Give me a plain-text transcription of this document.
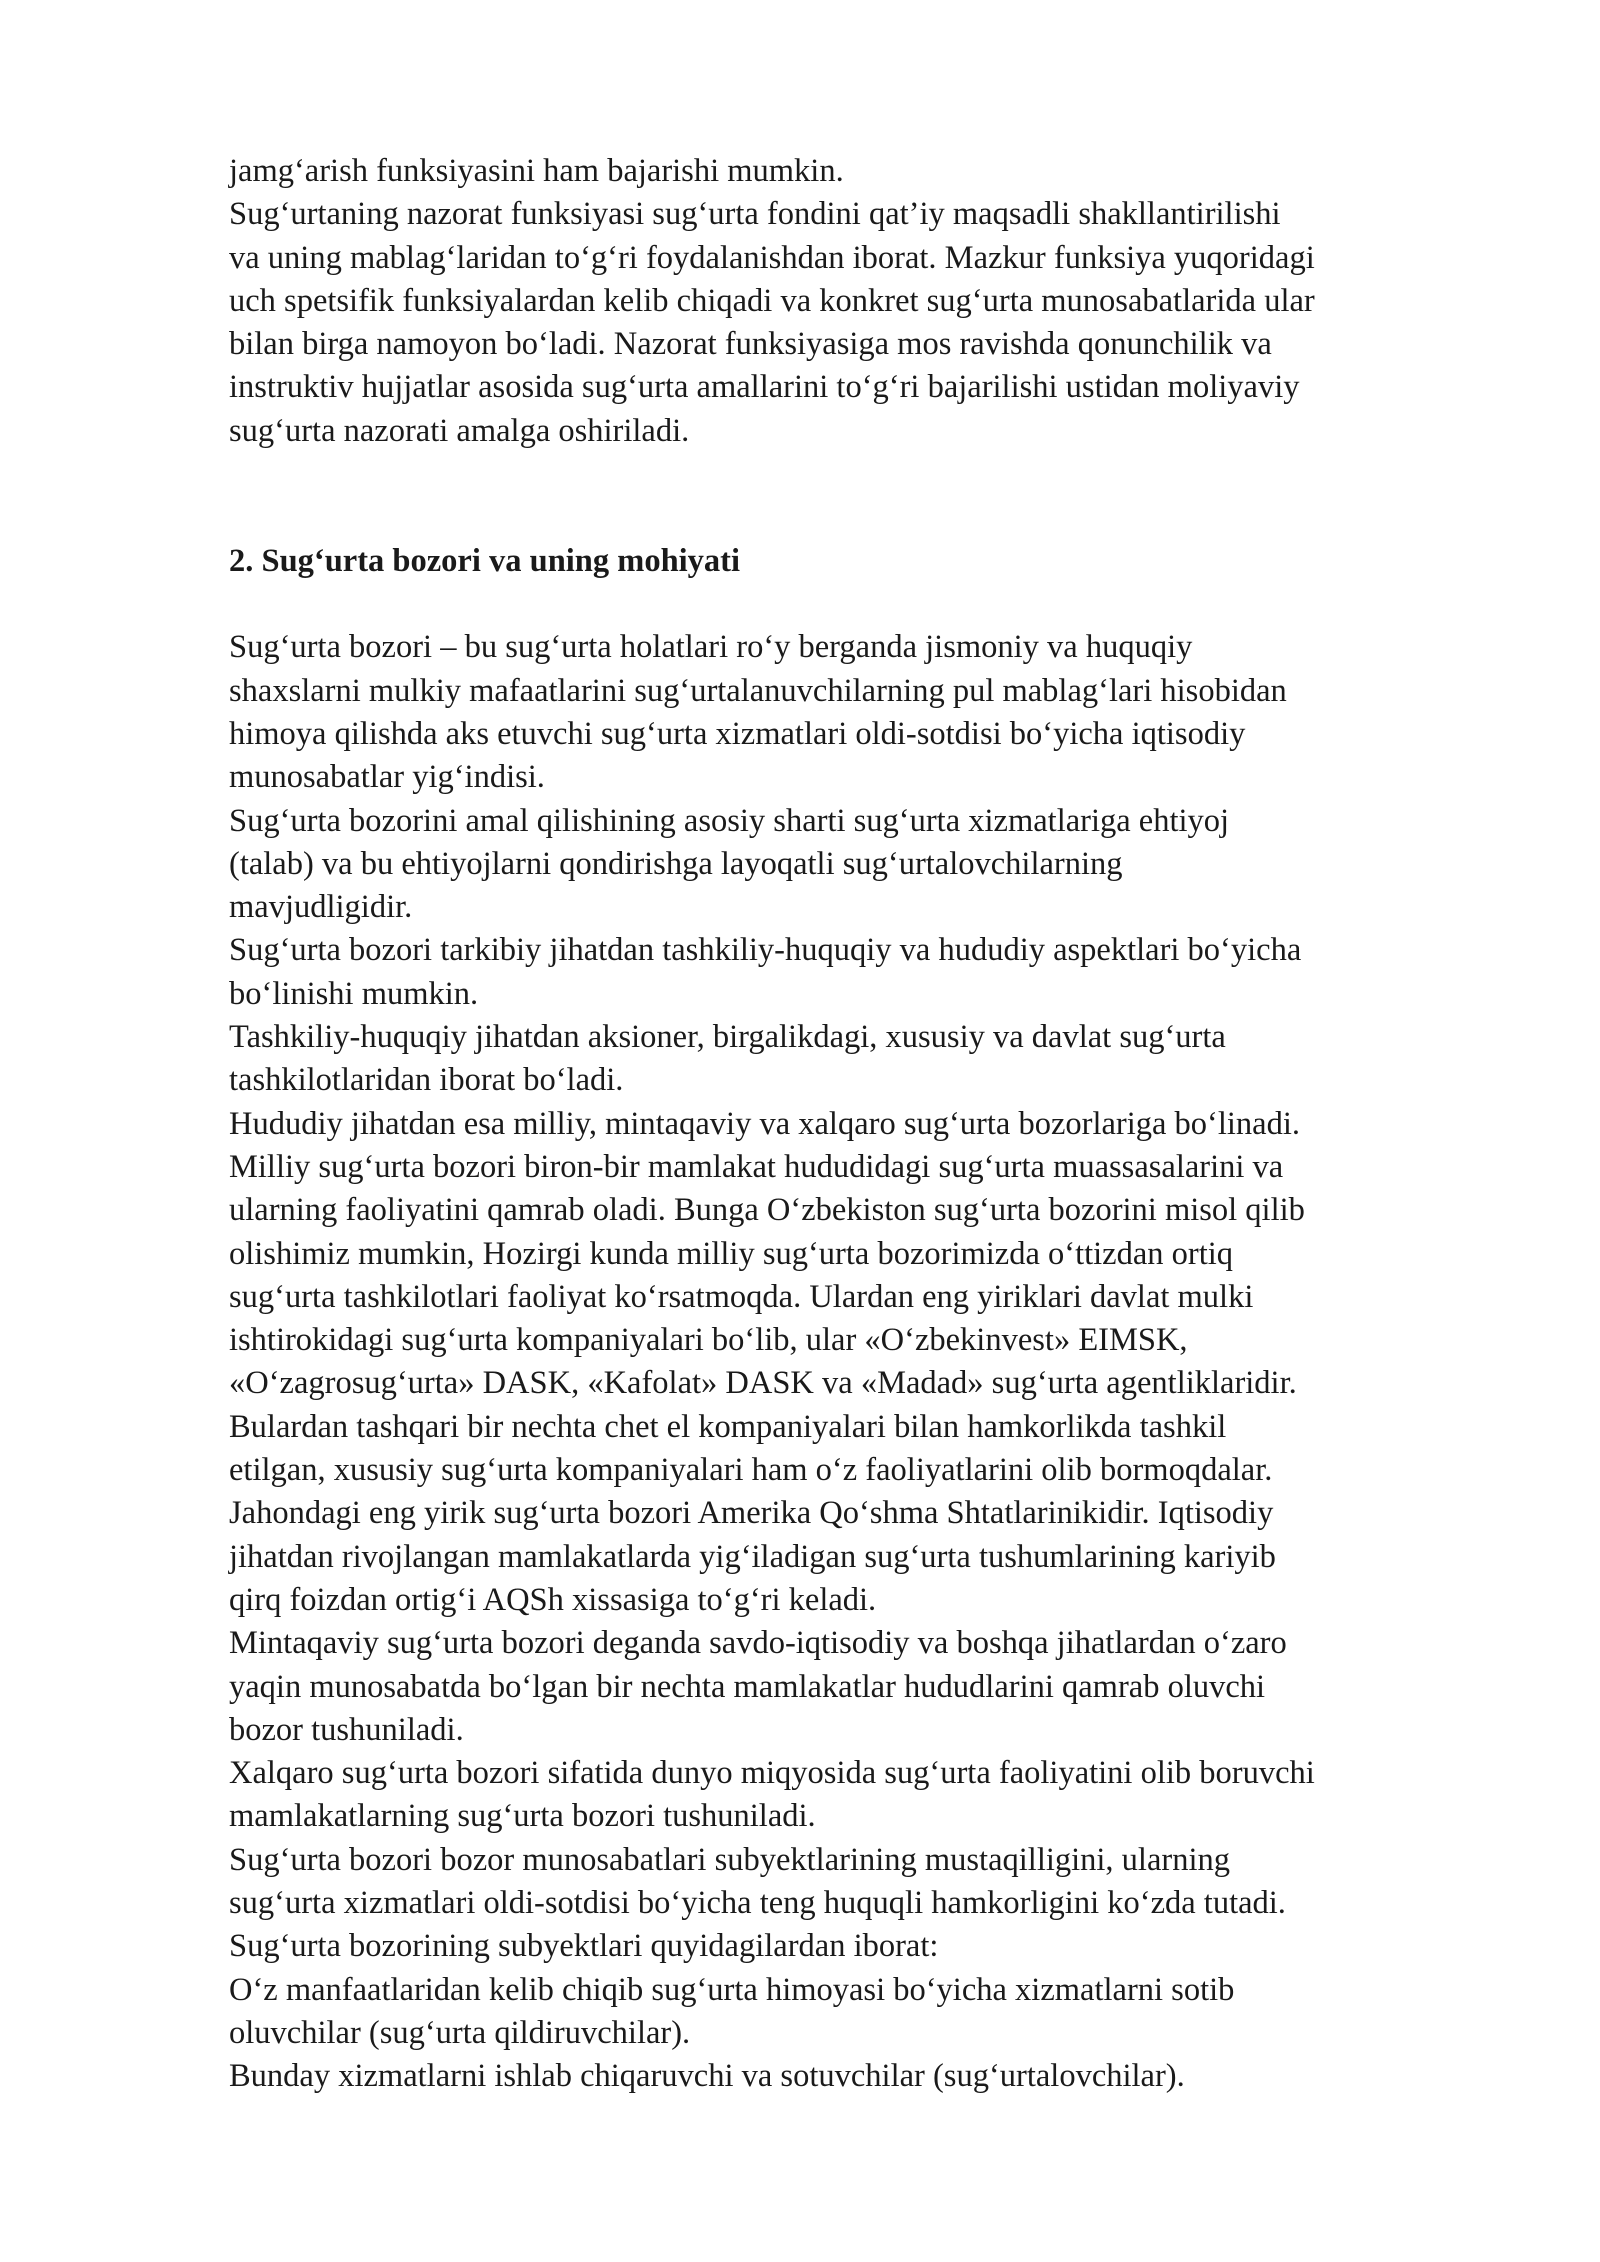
jamg‘arish funksiyasini ham bajarishi mumkin.

Sug‘urtaning nazorat funksiyasi sug‘urta fondini qat’iy maqsadli shakllantirilishi

va uning mablag‘laridan to‘g‘ri foydalanishdan iborat. Mazkur funksiya yuqoridagi

uch spetsifik funksiyalardan kelib chiqadi va konkret sug‘urta munosabatlarida ular

bilan birga namoyon bo‘ladi. Nazorat funksiyasiga mos ravishda qonunchilik va

instruktiv hujjatlar asosida sug‘urta amallarini to‘g‘ri bajarilishi ustidan moliyaviy

sug‘urta nazorati amalga oshiriladi.

2. Sug‘urta bozori va uning mohiyati

Sug‘urta bozori – bu sug‘urta holatlari ro‘y berganda jismoniy va huquqiy

shaxslarni mulkiy mafaatlarini sug‘urtalanuvchilarning pul mablag‘lari hisobidan

himoya qilishda aks etuvchi sug‘urta xizmatlari oldi-sotdisi bo‘yicha iqtisodiy

munosabatlar yig‘indisi.

Sug‘urta bozorini amal qilishining asosiy sharti sug‘urta xizmatlariga ehtiyoj

(talab) va bu ehtiyojlarni qondirishga layoqatli sug‘urtalovchilarning

mavjudligidir.

Sug‘urta bozori tarkibiy jihatdan tashkiliy-huquqiy va hududiy aspektlari bo‘yicha

bo‘linishi mumkin.

Tashkiliy-huquqiy jihatdan aksioner, birgalikdagi, xususiy va davlat sug‘urta

tashkilotlaridan iborat bo‘ladi.

Hududiy jihatdan esa milliy, mintaqaviy va xalqaro sug‘urta bozorlariga bo‘linadi.

Milliy sug‘urta bozori biron-bir mamlakat hududidagi sug‘urta muassasalarini va

ularning faoliyatini qamrab oladi. Bunga O‘zbekiston sug‘urta bozorini misol qilib

olishimiz mumkin, Hozirgi kunda milliy sug‘urta bozorimizda o‘ttizdan ortiq

sug‘urta tashkilotlari faoliyat ko‘rsatmoqda. Ulardan eng yiriklari davlat mulki

ishtirokidagi sug‘urta kompaniyalari bo‘lib, ular «O‘zbekinvest» EIMSK,

«O‘zagrosug‘urta» DASK, «Kafolat» DASK va «Madad» sug‘urta agentliklaridir.

Bulardan tashqari bir nechta chet el kompaniyalari bilan hamkorlikda tashkil

etilgan, xususiy sug‘urta kompaniyalari ham o‘z faoliyatlarini olib bormoqdalar.

Jahondagi eng yirik sug‘urta bozori Amerika Qo‘shma Shtatlarinikidir. Iqtisodiy

jihatdan rivojlangan mamlakatlarda yig‘iladigan sug‘urta tushumlarining kariyib

qirq foizdan ortig‘i AQSh xissasiga to‘g‘ri keladi.

Mintaqaviy sug‘urta bozori deganda savdo-iqtisodiy va boshqa jihatlardan o‘zaro

yaqin munosabatda bo‘lgan bir nechta mamlakatlar hududlarini qamrab oluvchi

bozor tushuniladi.

Xalqaro sug‘urta bozori sifatida dunyo miqyosida sug‘urta faoliyatini olib boruvchi

mamlakatlarning sug‘urta bozori tushuniladi.

Sug‘urta bozori bozor munosabatlari subyektlarining mustaqilligini, ularning

sug‘urta xizmatlari oldi-sotdisi bo‘yicha teng huquqli hamkorligini ko‘zda tutadi.

Sug‘urta bozorining subyektlari quyidagilardan iborat:

O‘z manfaatlaridan kelib chiqib sug‘urta himoyasi bo‘yicha xizmatlarni sotib

oluvchilar (sug‘urta qildiruvchilar).

Bunday xizmatlarni ishlab chiqaruvchi va sotuvchilar (sug‘urtalovchilar).
